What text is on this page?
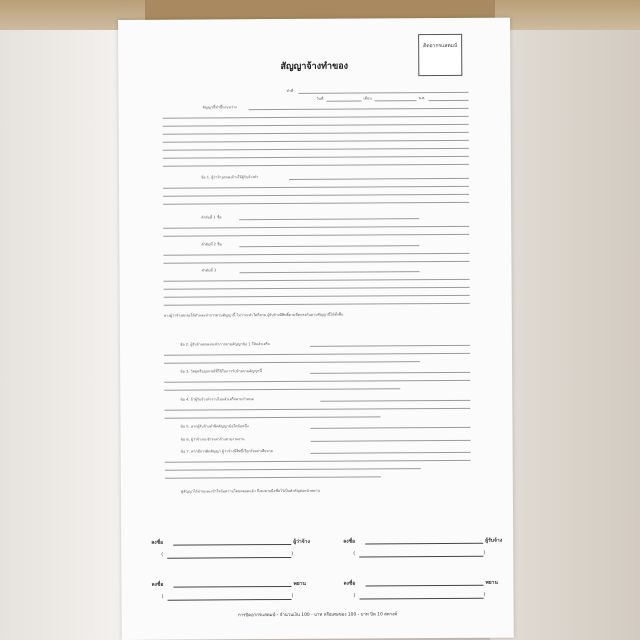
ติดอากรแสตมป์
สัญญาจ้างทำของ
ทำที่
วันที่	เดือน	พ.ศ.
สัญญานี้ทำขึ้นระหว่าง
ข้อ 1. ผู้ว่าจ้างตกลงจ้างให้ผู้รับจ้างทำ
ลำดับที่ 1 ชื่อ
ลำดับที่ 2 ชื่อ
ลำดับที่ 3
ทางผู้ว่าจ้างตกลงให้ทำและทำการตามสัญญานี้ ไม่ว่าจะทำใดก็ตาม ผู้รับจ้างมีสิทธิ์ตามที่ตกลงกันตามสัญญานี้ได้ทั้งสิ้น
ข้อ 2. ผู้รับจ้างตกลงจะทำการตามสัญญาข้อ 1 ให้แล้วเสร็จ
ข้อ 3. วัสดุหรืออุปกรณ์ที่ใช้ในการรับจ้างตามสัญญานี้
ข้อ 4. ถ้าผู้รับจ้างทำงานไม่แล้วเสร็จตามกำหนด
ข้อ 5. หากผู้รับจ้างทำผิดสัญญาข้อใดข้อหนึ่ง
ข้อ 6. ผู้ว่าจ้างจะชำระค่าจ้างตามงวดงาน
ข้อ 7. หากมีการผิดสัญญา ผู้ว่าจ้างมีสิทธิ์เรียกร้องค่าเสียหาย
คู่สัญญาได้อ่านและเข้าใจข้อความโดยตลอดแล้ว จึงลงลายมือชื่อไว้เป็นสำคัญต่อหน้าพยาน
ลงชื่อ	ผู้ว่าจ้าง
(	)
ลงชื่อ	ผู้รับจ้าง
(	)
ลงชื่อ	พยาน
(	)
ลงชื่อ	พยาน
(	)
การปิดอากรแสตมป์:- จำนวนเงิน 100 - บาท หรือเศษของ 100 - บาท ปิด 10 สตางค์
